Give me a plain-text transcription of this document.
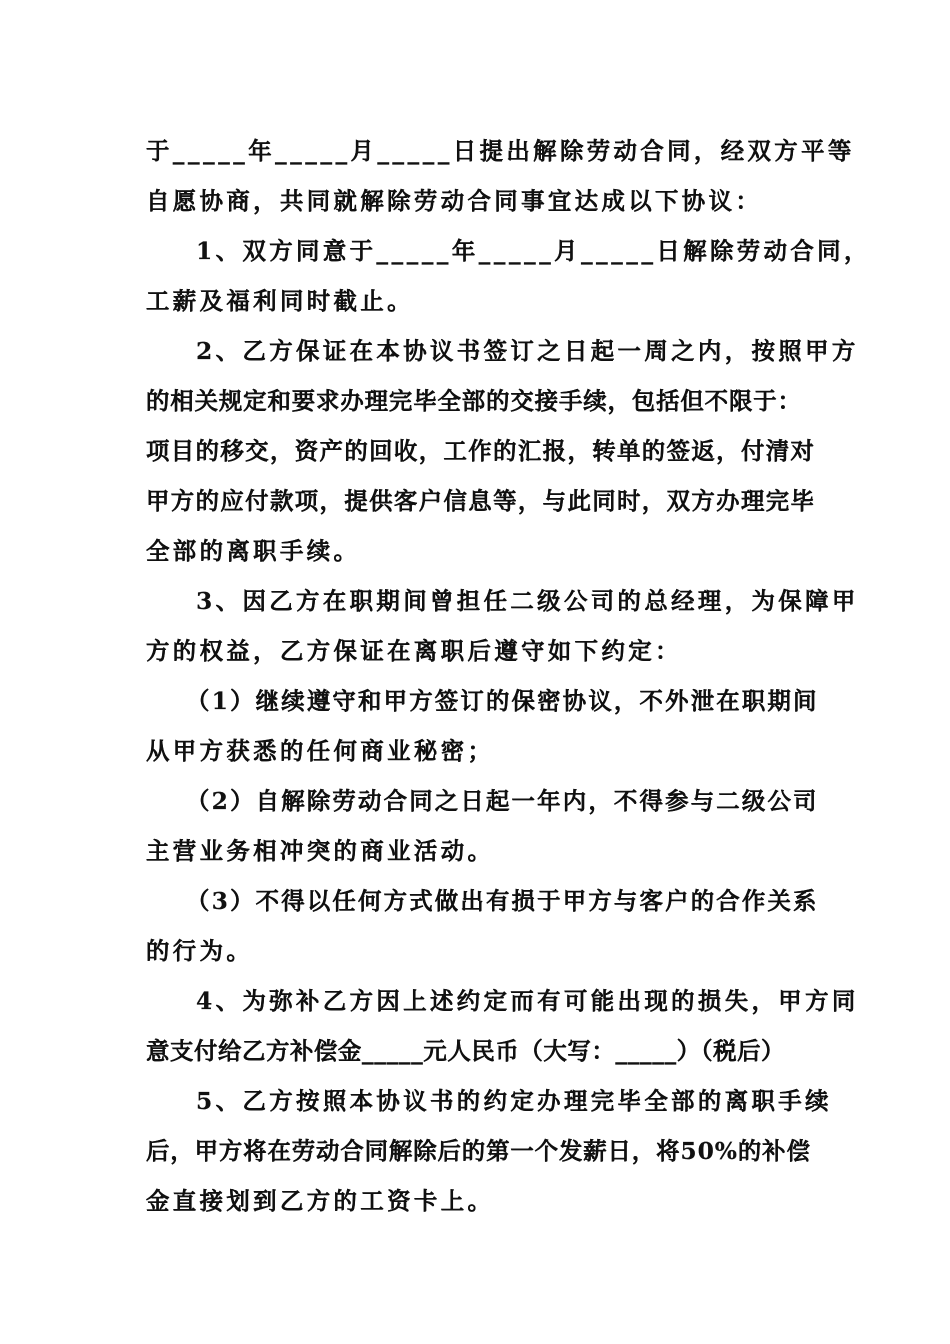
于_____年_____月_____日提出解除劳动合同，经双方平等
自愿协商，共同就解除劳动合同事宜达成以下协议：
1、双方同意于_____年_____月_____日解除劳动合同，
工薪及福利同时截止。
2、乙方保证在本协议书签订之日起一周之内，按照甲方
的相关规定和要求办理完毕全部的交接手续，包括但不限于：
项目的移交，资产的回收，工作的汇报，转单的签返，付清对
甲方的应付款项，提供客户信息等，与此同时，双方办理完毕
全部的离职手续。
3、因乙方在职期间曾担任二级公司的总经理，为保障甲
方的权益，乙方保证在离职后遵守如下约定：
（1）继续遵守和甲方签订的保密协议，不外泄在职期间
从甲方获悉的任何商业秘密；
（2）自解除劳动合同之日起一年内，不得参与二级公司
主营业务相冲突的商业活动。
（3）不得以任何方式做出有损于甲方与客户的合作关系
的行为。
4、为弥补乙方因上述约定而有可能出现的损失，甲方同
意支付给乙方补偿金_____元人民币（大写：_____）（税后）
5、乙方按照本协议书的约定办理完毕全部的离职手续
后，甲方将在劳动合同解除后的第一个发薪日，将50%的补偿
金直接划到乙方的工资卡上。
